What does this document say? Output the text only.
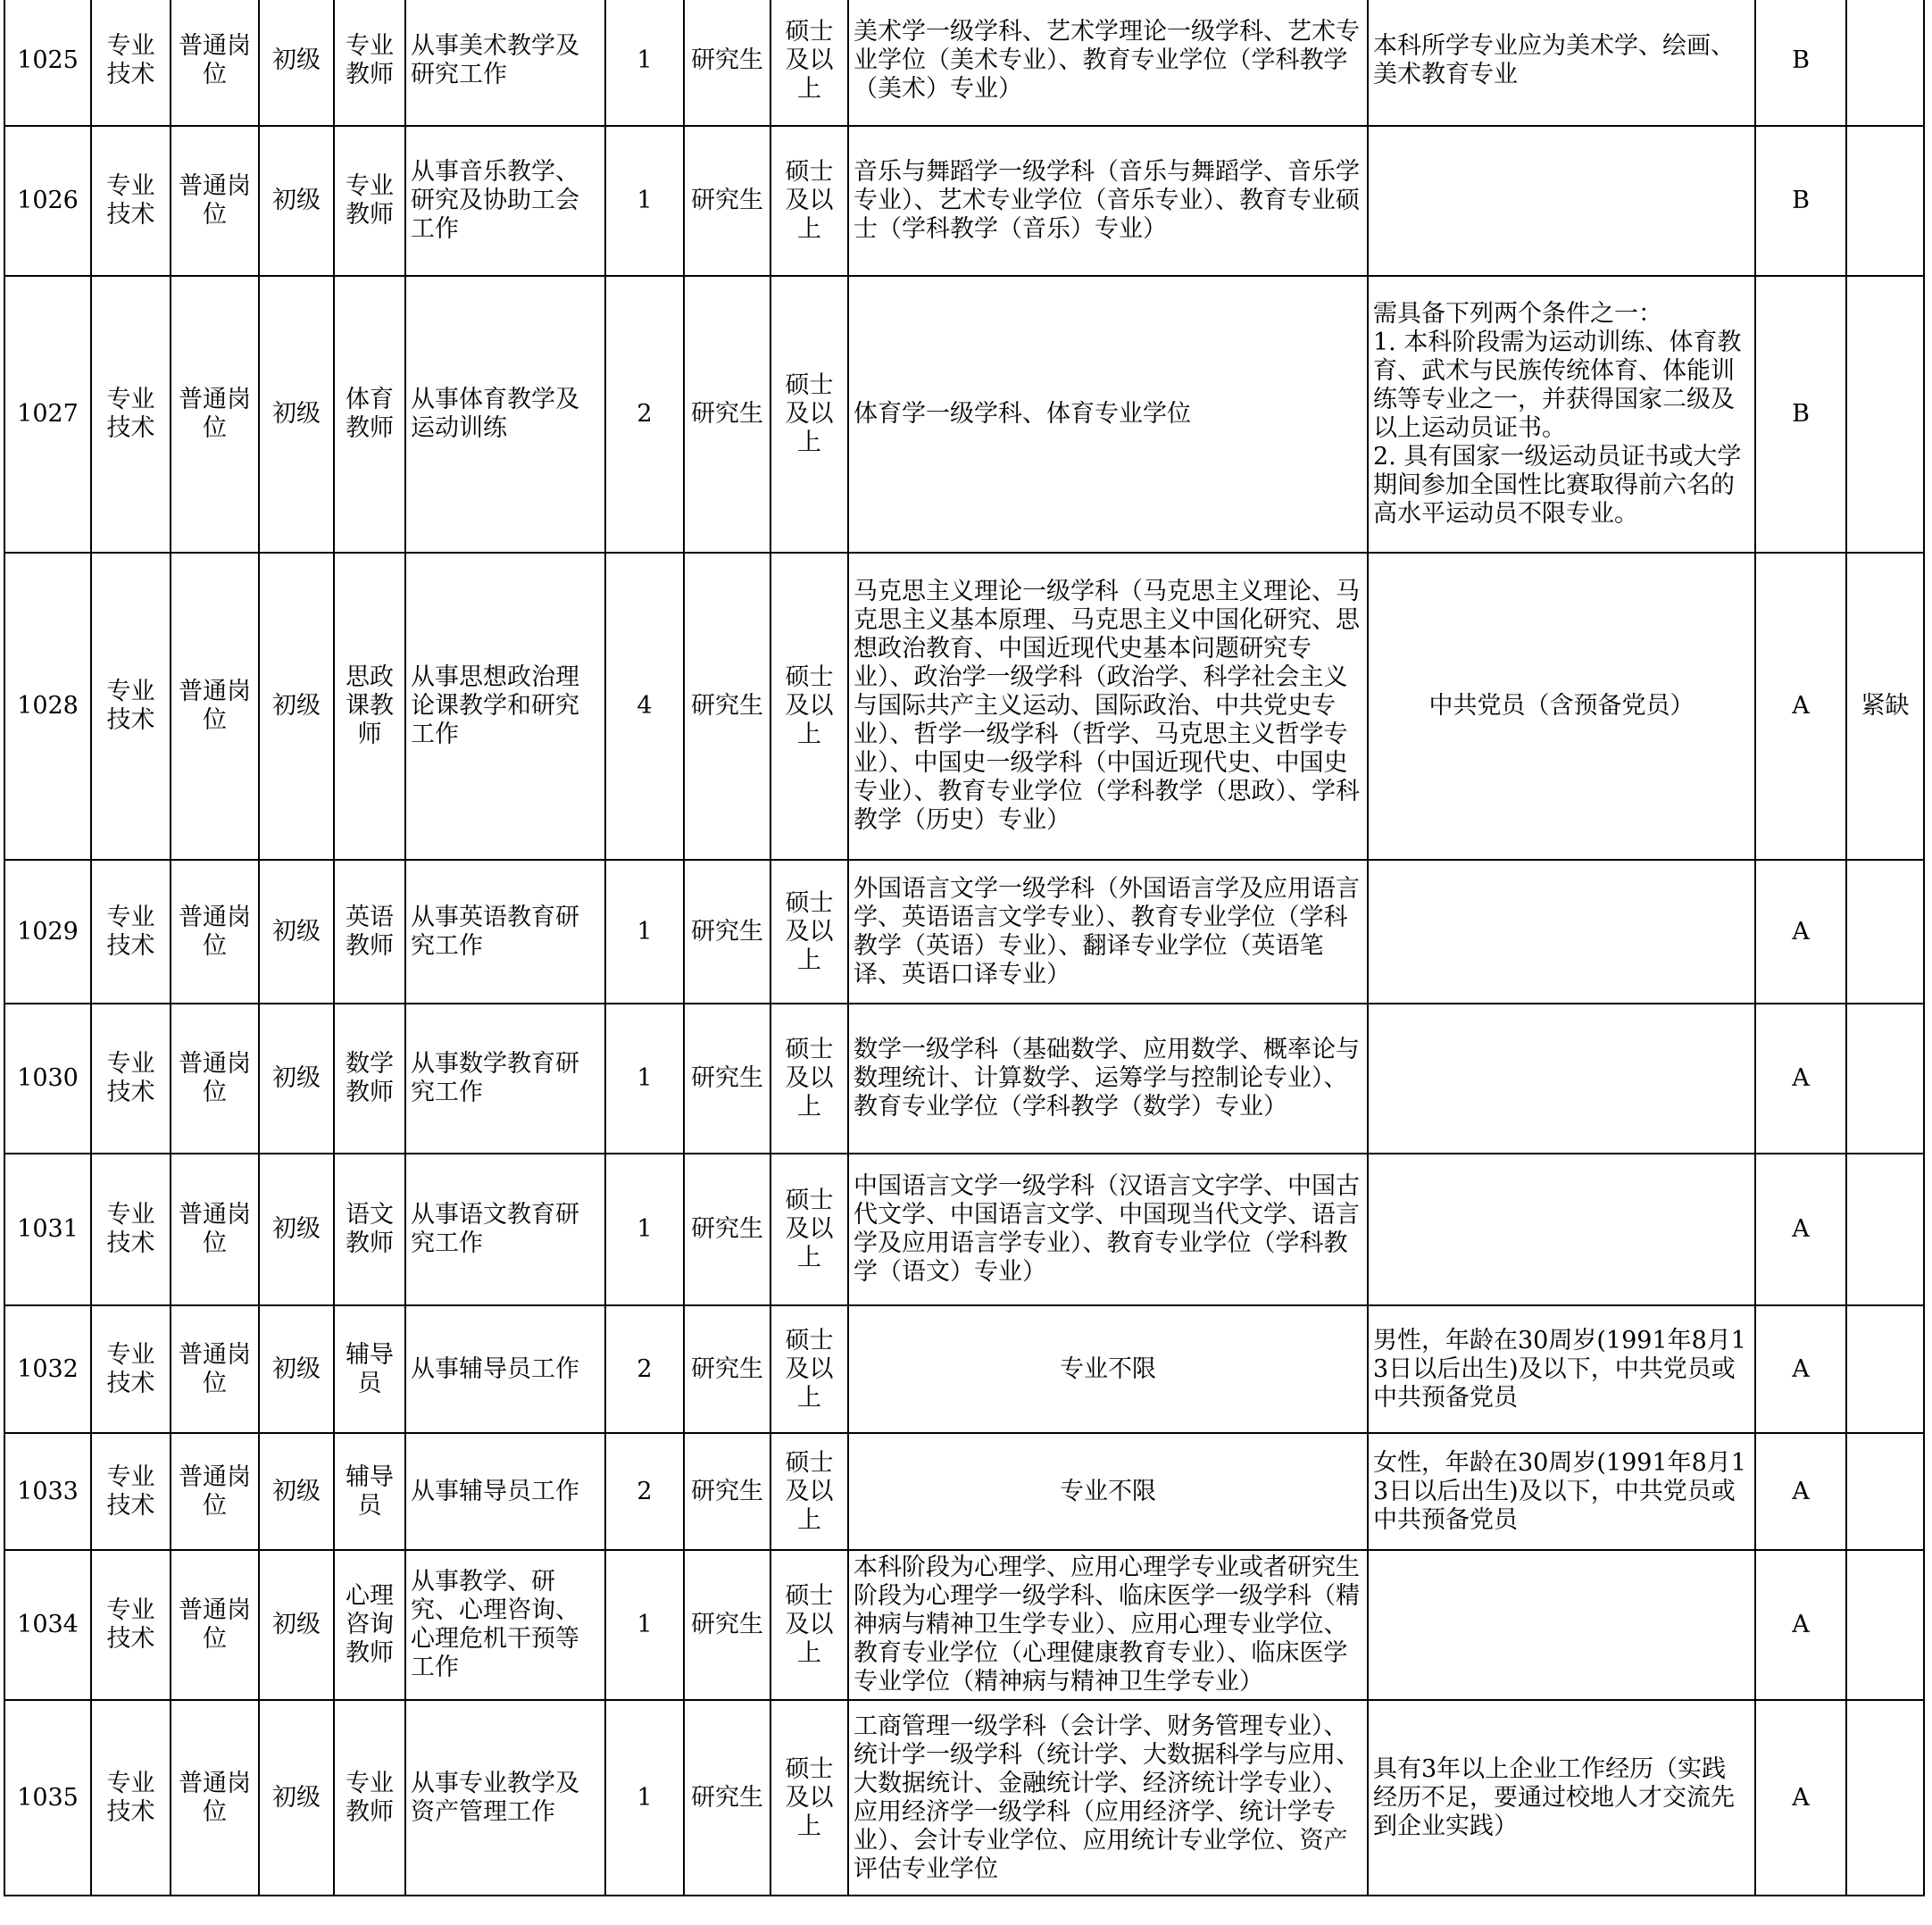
1025	专业技术	普通岗位	初级	专业教师	从事美术教学及研究工作	1	研究生	硕士及以上	美术学一级学科、艺术学理论一级学科、艺术专业学位（美术专业）、教育专业学位（学科教学（美术）专业）	本科所学专业应为美术学、绘画、美术教育专业	B	
1026	专业技术	普通岗位	初级	专业教师	从事音乐教学、研究及协助工会工作	1	研究生	硕士及以上	音乐与舞蹈学一级学科（音乐与舞蹈学、音乐学专业）、艺术专业学位（音乐专业）、教育专业硕士（学科教学（音乐）专业）		B	
1027	专业技术	普通岗位	初级	体育教师	从事体育教学及运动训练	2	研究生	硕士及以上	体育学一级学科、体育专业学位	需具备下列两个条件之一：
1. 本科阶段需为运动训练、体育教育、武术与民族传统体育、体能训练等专业之一，并获得国家二级及以上运动员证书。
2. 具有国家一级运动员证书或大学期间参加全国性比赛取得前六名的高水平运动员不限专业。	B	
1028	专业技术	普通岗位	初级	思政课教师	从事思想政治理论课教学和研究工作	4	研究生	硕士及以上	马克思主义理论一级学科（马克思主义理论、马克思主义基本原理、马克思主义中国化研究、思想政治教育、中国近现代史基本问题研究专业）、政治学一级学科（政治学、科学社会主义与国际共产主义运动、国际政治、中共党史专业）、哲学一级学科（哲学、马克思主义哲学专业）、中国史一级学科（中国近现代史、中国史专业）、教育专业学位（学科教学（思政）、学科教学（历史）专业）	中共党员（含预备党员）	A	紧缺
1029	专业技术	普通岗位	初级	英语教师	从事英语教育研究工作	1	研究生	硕士及以上	外国语言文学一级学科（外国语言学及应用语言学、英语语言文学专业）、教育专业学位（学科教学（英语）专业）、翻译专业学位（英语笔译、英语口译专业）		A	
1030	专业技术	普通岗位	初级	数学教师	从事数学教育研究工作	1	研究生	硕士及以上	数学一级学科（基础数学、应用数学、概率论与数理统计、计算数学、运筹学与控制论专业）、教育专业学位（学科教学（数学）专业）		A	
1031	专业技术	普通岗位	初级	语文教师	从事语文教育研究工作	1	研究生	硕士及以上	中国语言文学一级学科（汉语言文字学、中国古代文学、中国语言文学、中国现当代文学、语言学及应用语言学专业）、教育专业学位（学科教学（语文）专业）		A	
1032	专业技术	普通岗位	初级	辅导员	从事辅导员工作	2	研究生	硕士及以上	专业不限	男性，年龄在30周岁(1991年8月13日以后出生)及以下，中共党员或中共预备党员	A	
1033	专业技术	普通岗位	初级	辅导员	从事辅导员工作	2	研究生	硕士及以上	专业不限	女性，年龄在30周岁(1991年8月13日以后出生)及以下，中共党员或中共预备党员	A	
1034	专业技术	普通岗位	初级	心理咨询教师	从事教学、研究、心理咨询、心理危机干预等工作	1	研究生	硕士及以上	本科阶段为心理学、应用心理学专业或者研究生阶段为心理学一级学科、临床医学一级学科（精神病与精神卫生学专业）、应用心理专业学位、教育专业学位（心理健康教育专业）、临床医学专业学位（精神病与精神卫生学专业）		A	
1035	专业技术	普通岗位	初级	专业教师	从事专业教学及资产管理工作	1	研究生	硕士及以上	工商管理一级学科（会计学、财务管理专业）、统计学一级学科（统计学、大数据科学与应用、大数据统计、金融统计学、经济统计学专业）、应用经济学一级学科（应用经济学、统计学专业）、会计专业学位、应用统计专业学位、资产评估专业学位	具有3年以上企业工作经历（实践经历不足，要通过校地人才交流先到企业实践）	A	
